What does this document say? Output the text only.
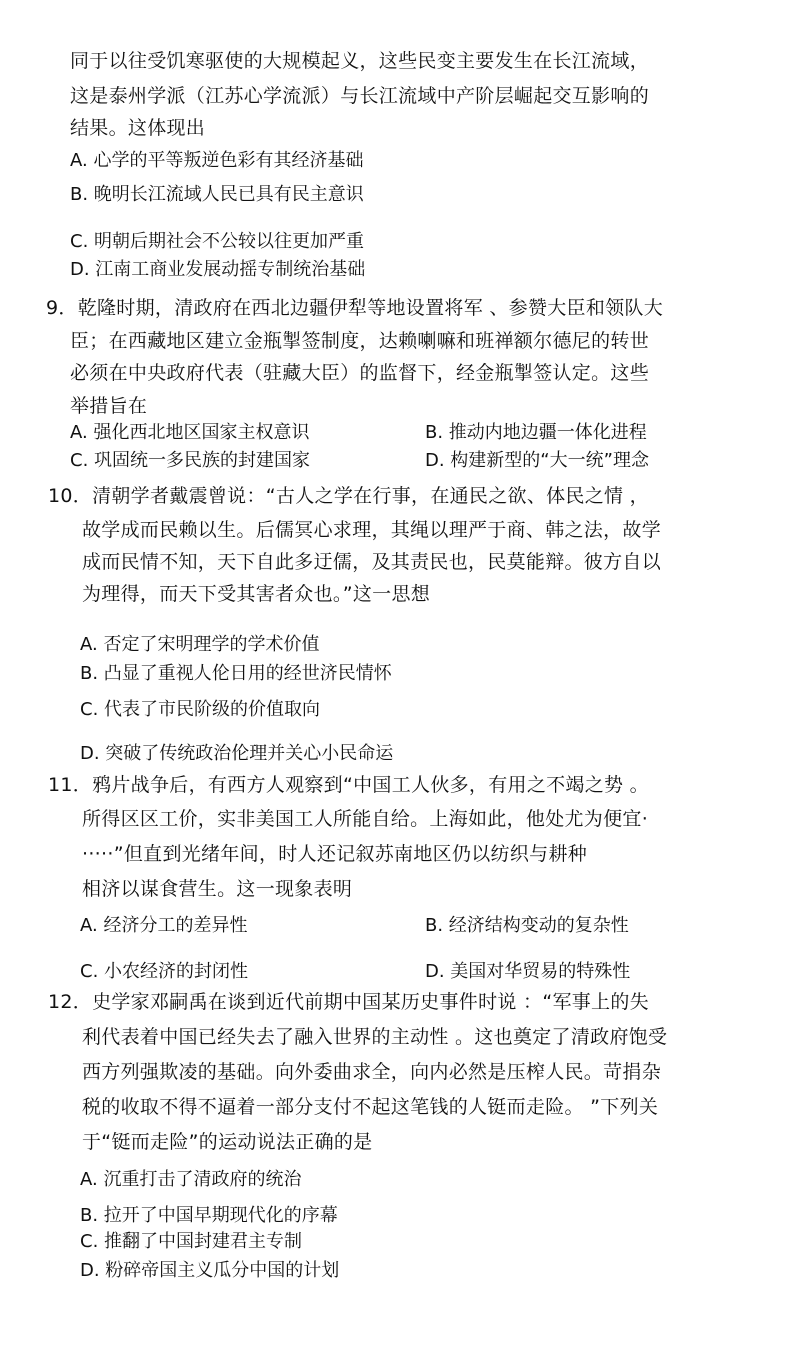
同于以往受饥寒驱使的大规模起义，这些民变主要发生在长江流域，
这是泰州学派（江苏心学流派）与长江流域中产阶层崛起交互影响的
结果。这体现出
A. 心学的平等叛逆色彩有其经济基础
B. 晚明长江流域人民已具有民主意识
C. 明朝后期社会不公较以往更加严重
D. 江南工商业发展动摇专制统治基础
9．乾隆时期，清政府在西北边疆伊犁等地设置将军 、参赞大臣和领队大
臣；在西藏地区建立金瓶掣签制度，达赖喇嘛和班禅额尔德尼的转世
必须在中央政府代表（驻藏大臣）的监督下，经金瓶掣签认定。这些
举措旨在
A. 强化西北地区国家主权意识	B. 推动内地边疆一体化进程
C. 巩固统一多民族的封建国家	D. 构建新型的“大一统”理念
10．清朝学者戴震曾说：“古人之学在行事，在通民之欲、体民之情 ，
故学成而民赖以生。后儒冥心求理，其绳以理严于商、韩之法，故学
成而民情不知，天下自此多迂儒，及其责民也，民莫能辩。彼方自以
为理得，而天下受其害者众也。”这一思想
A. 否定了宋明理学的学术价值
B. 凸显了重视人伦日用的经世济民情怀
C. 代表了市民阶级的价值取向
D. 突破了传统政治伦理并关心小民命运
11．鸦片战争后，有西方人观察到“中国工人伙多，有用之不竭之势 。
所得区区工价，实非美国工人所能自给。上海如此，他处尤为便宜·
·····”但直到光绪年间，时人还记叙苏南地区仍以纺织与耕种
相济以谋食营生。这一现象表明
A. 经济分工的差异性	B. 经济结构变动的复杂性
C. 小农经济的封闭性	D. 美国对华贸易的特殊性
12．史学家邓嗣禹在谈到近代前期中国某历史事件时说 ：“军事上的失
利代表着中国已经失去了融入世界的主动性 。这也奠定了清政府饱受
西方列强欺凌的基础。向外委曲求全，向内必然是压榨人民。苛捐杂
税的收取不得不逼着一部分支付不起这笔钱的人铤而走险。 ”下列关
于“铤而走险”的运动说法正确的是
A. 沉重打击了清政府的统治
B. 拉开了中国早期现代化的序幕
C. 推翻了中国封建君主专制
D. 粉碎帝国主义瓜分中国的计划
